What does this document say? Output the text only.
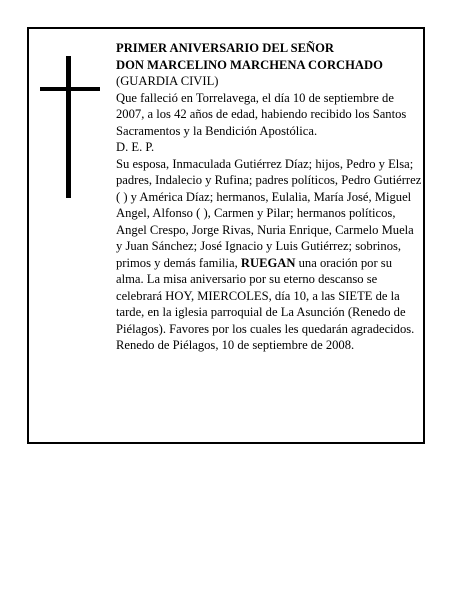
PRIMER ANIVERSARIO DEL SEÑOR

DON MARCELINO MARCHENA CORCHADO

(GUARDIA CIVIL)

Que falleció en Torrelavega, el día 10 de septiembre de 2007, a los 42 años de edad, habiendo recibido los Santos Sacramentos y la Bendición Apostólica.

D. E. P.

Su esposa, Inmaculada Gutiérrez Díaz; hijos, Pedro y Elsa; padres, Indalecio y Rufina; padres políticos, Pedro Gutiérrez ( ) y América Díaz; hermanos, Eulalia, María José, Miguel Angel, Alfonso ( ), Carmen y Pilar; hermanos políticos, Angel Crespo, Jorge Rivas, Nuria Enrique, Carmelo Muela y Juan Sánchez; José Ignacio y Luis Gutiérrez; sobrinos, primos y demás familia, RUEGAN una oración por su alma. La misa aniversario por su eterno descanso se celebrará HOY, MIERCOLES, día 10, a las SIETE de la tarde, en la iglesia parroquial de La Asunción (Renedo de Piélagos). Favores por los cuales les quedarán agradecidos.

Renedo de Piélagos, 10 de septiembre de 2008.
